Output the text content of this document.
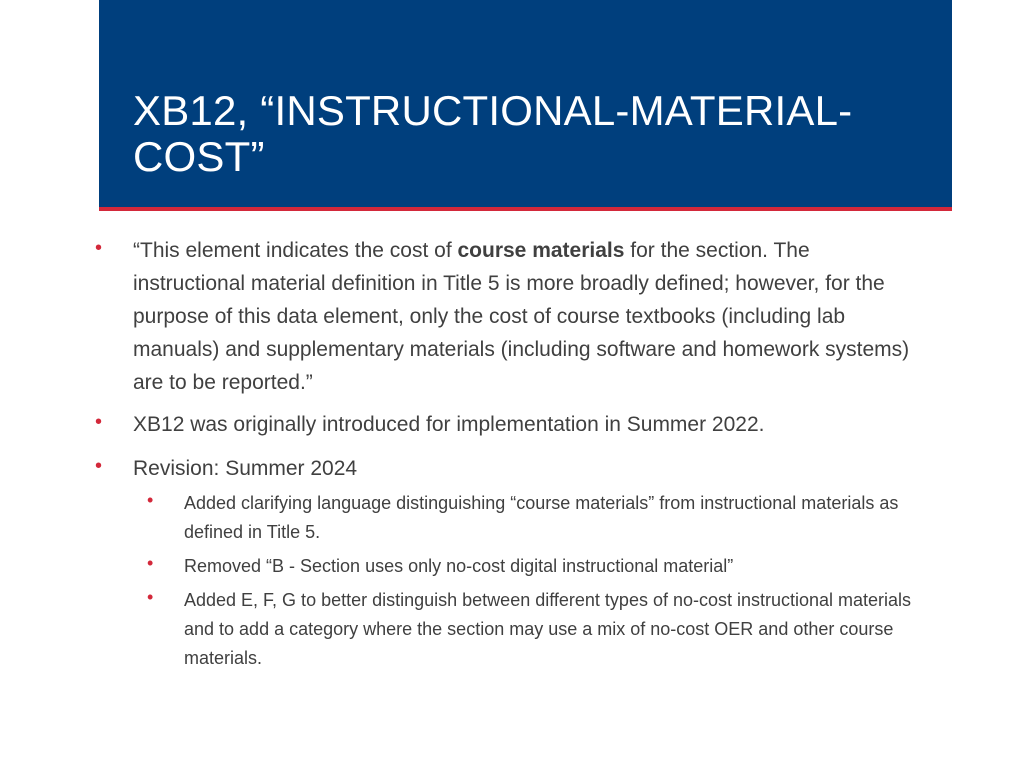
XB12, “INSTRUCTIONAL-MATERIAL-
COST”
• “This element indicates the cost of course materials for the section. The instructional material definition in Title 5 is more broadly defined; however, for the purpose of this data element, only the cost of course textbooks (including lab manuals) and supplementary materials (including software and homework systems) are to be reported.”
• XB12 was originally introduced for implementation in Summer 2022.
• Revision: Summer 2024
• Added clarifying language distinguishing “course materials” from instructional materials as defined in Title 5.
• Removed “B - Section uses only no-cost digital instructional material”
• Added E, F, G to better distinguish between different types of no-cost instructional materials and to add a category where the section may use a mix of no-cost OER and other course materials.
